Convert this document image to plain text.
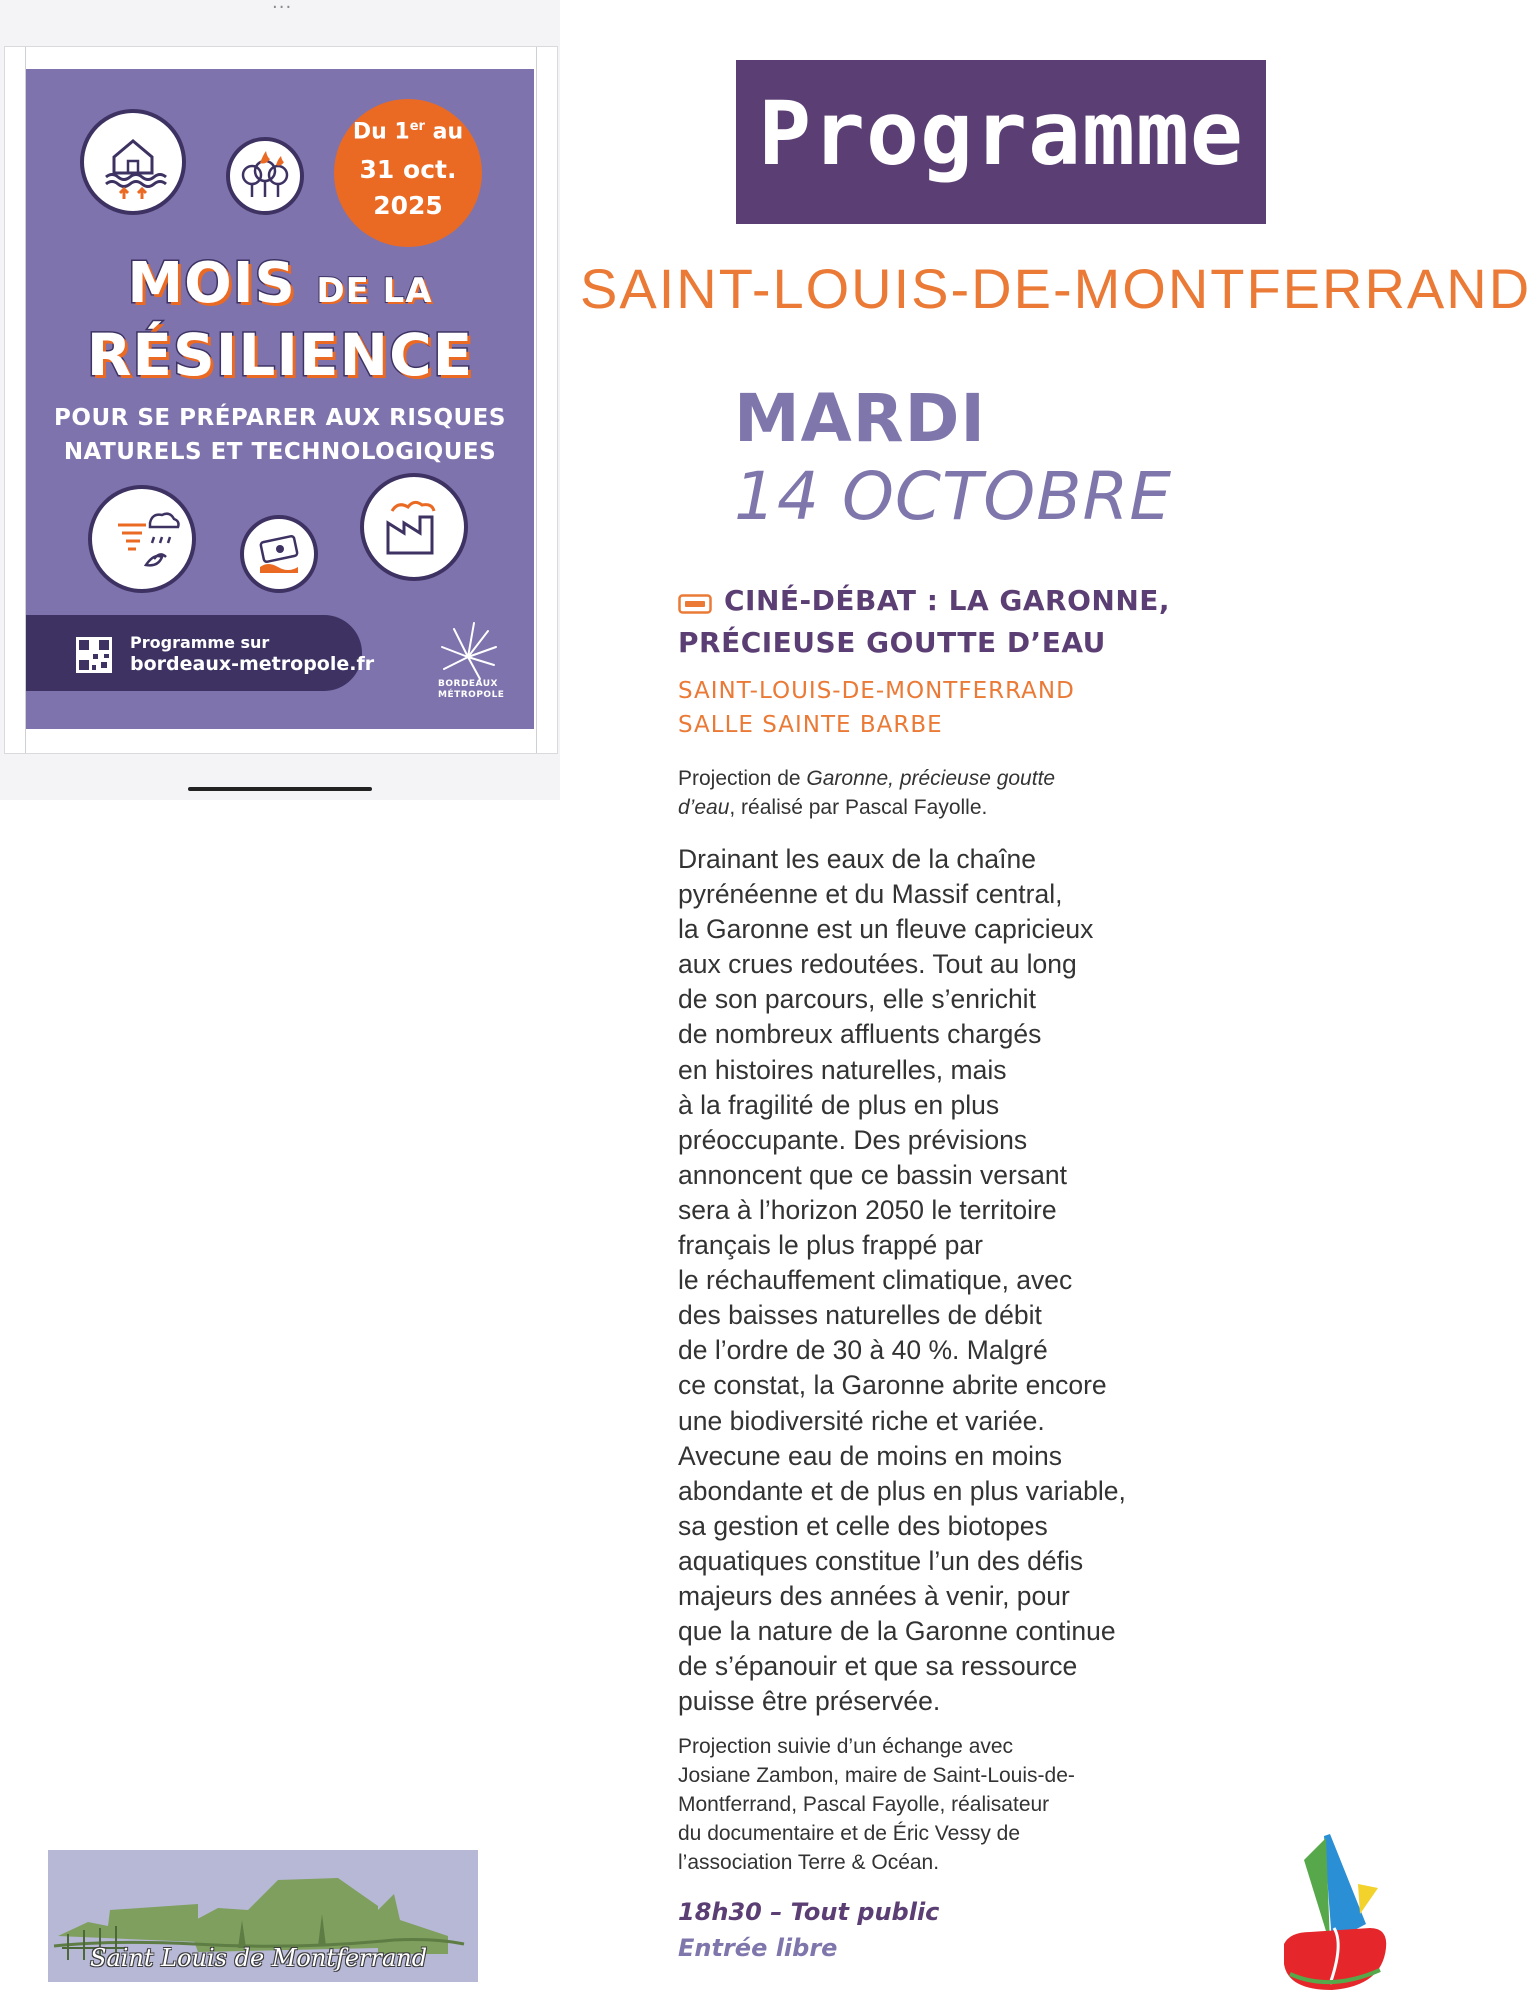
...
Du 1er au
31 oct.
2025
MOIS DE LA
RÉSILIENCE
POUR SE PRÉPARER AUX RISQUES
NATURELS ET TECHNOLOGIQUES
Programme sur
bordeaux-metropole.fr
BORDEAUX
MÉTROPOLE
Programme
SAINT-LOUIS-DE-MONTFERRAND
MARDI
14 OCTOBRE
CINÉ-DÉBAT : LA GARONNE,
PRÉCIEUSE GOUTTE D’EAU
SAINT-LOUIS-DE-MONTFERRAND
SALLE SAINTE BARBE
Projection de Garonne, précieuse goutte
d’eau, réalisé par Pascal Fayolle.
Drainant les eaux de la chaîne
pyrénéenne et du Massif central,
la Garonne est un fleuve capricieux
aux crues redoutées. Tout au long
de son parcours, elle s’enrichit
de nombreux affluents chargés
en histoires naturelles, mais
à la fragilité de plus en plus
préoccupante. Des prévisions
annoncent que ce bassin versant
sera à l’horizon 2050 le territoire
français le plus frappé par
le réchauffement climatique, avec
des baisses naturelles de débit
de l’ordre de 30 à 40 %. Malgré
ce constat, la Garonne abrite encore
une biodiversité riche et variée.
Avecune eau de moins en moins
abondante et de plus en plus variable,
sa gestion et celle des biotopes
aquatiques constitue l’un des défis
majeurs des années à venir, pour
que la nature de la Garonne continue
de s’épanouir et que sa ressource
puisse être préservée.
Projection suivie d’un échange avec
Josiane Zambon, maire de Saint-Louis-de-
Montferrand, Pascal Fayolle, réalisateur
du documentaire et de Éric Vessy de
l’association Terre & Océan.
18h30 – Tout public
Entrée libre
Saint Louis de Montferrand
